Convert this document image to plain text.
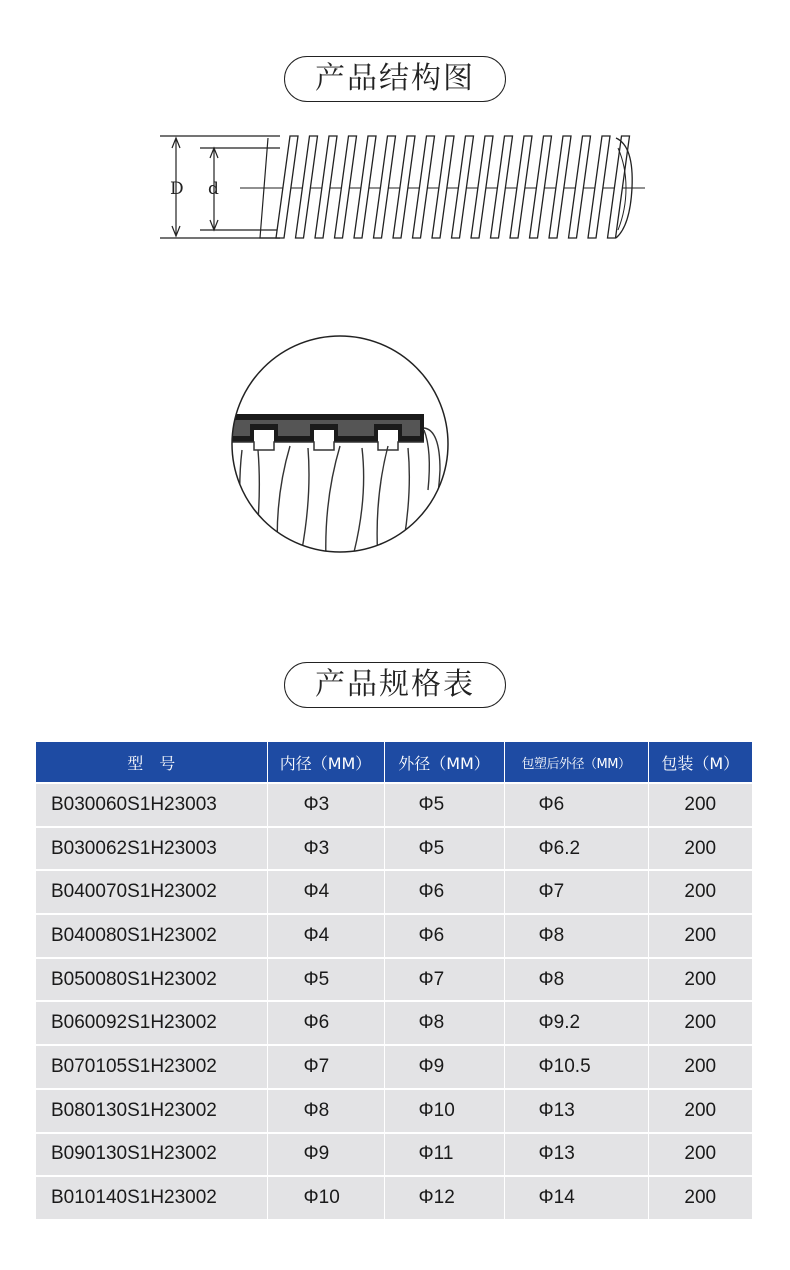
产品结构图
D d
产品规格表
型　号	内径（MM）	外径（MM）	包塑后外径（MM）	包装（M）
B030060S1H23003	Φ3	Φ5	Φ6	200
B030062S1H23003	Φ3	Φ5	Φ6.2	200
B040070S1H23002	Φ4	Φ6	Φ7	200
B040080S1H23002	Φ4	Φ6	Φ8	200
B050080S1H23002	Φ5	Φ7	Φ8	200
B060092S1H23002	Φ6	Φ8	Φ9.2	200
B070105S1H23002	Φ7	Φ9	Φ10.5	200
B080130S1H23002	Φ8	Φ10	Φ13	200
B090130S1H23002	Φ9	Φ11	Φ13	200
B010140S1H23002	Φ10	Φ12	Φ14	200
